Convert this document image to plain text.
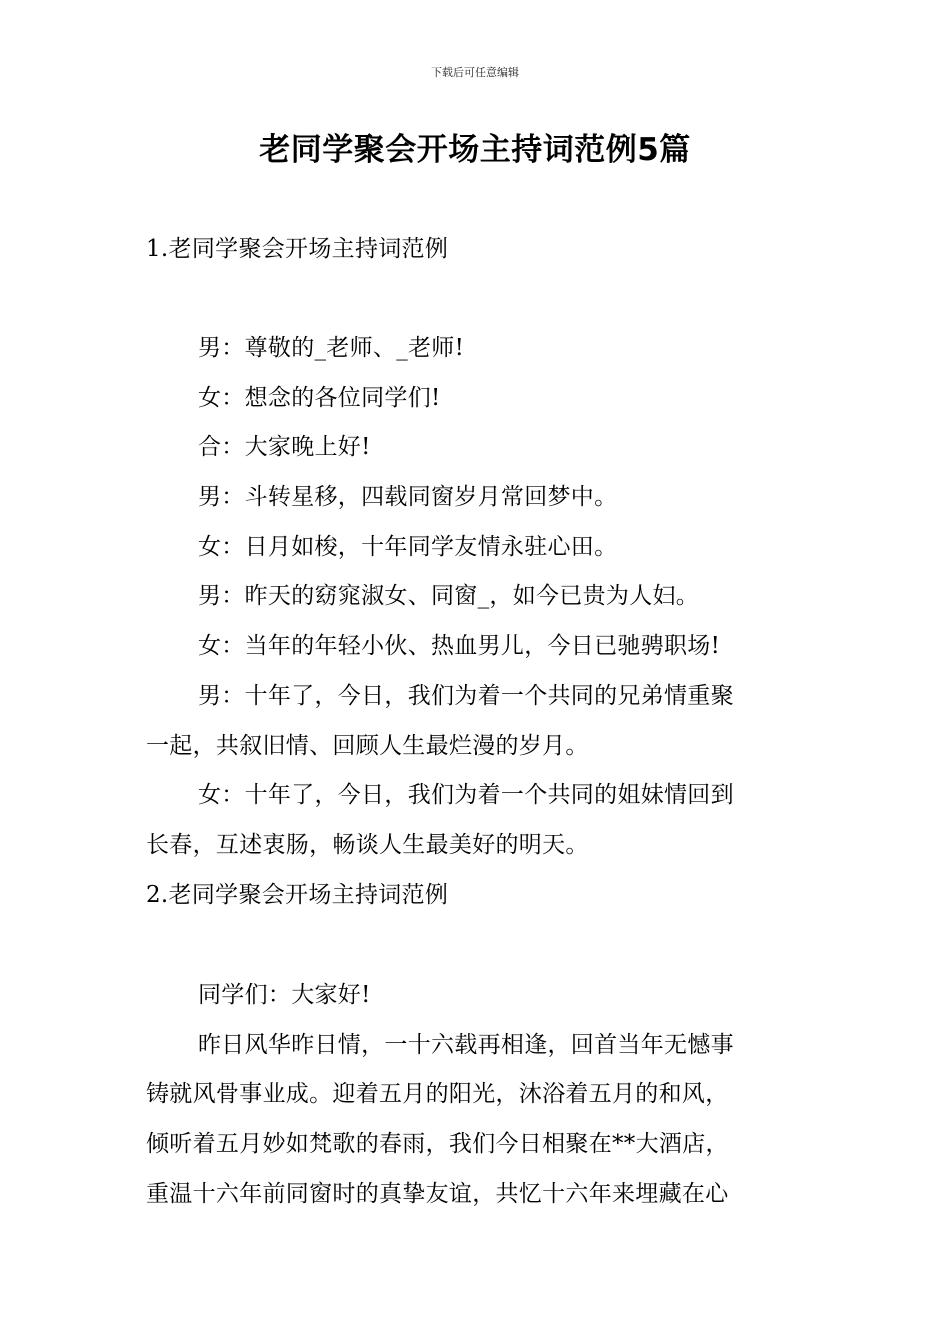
下载后可任意编辑
老同学聚会开场主持词范例5篇
1.老同学聚会开场主持词范例
男：尊敬的_老师、_老师!
女：想念的各位同学们!
合：大家晚上好!
男：斗转星移，四载同窗岁月常回梦中。
女：日月如梭，十年同学友情永驻心田。
男：昨天的窈窕淑女、同窗_，如今已贵为人妇。
女：当年的年轻小伙、热血男儿，今日已驰骋职场!
男：十年了，今日，我们为着一个共同的兄弟情重聚
一起，共叙旧情、回顾人生最烂漫的岁月。
女：十年了，今日，我们为着一个共同的姐妹情回到
长春，互述衷肠，畅谈人生最美好的明天。
2.老同学聚会开场主持词范例
同学们：大家好!
昨日风华昨日情，一十六载再相逢，回首当年无憾事
铸就风骨事业成。迎着五月的阳光，沐浴着五月的和风，
倾听着五月妙如梵歌的春雨，我们今日相聚在**大酒店，
重温十六年前同窗时的真挚友谊，共忆十六年来埋藏在心
